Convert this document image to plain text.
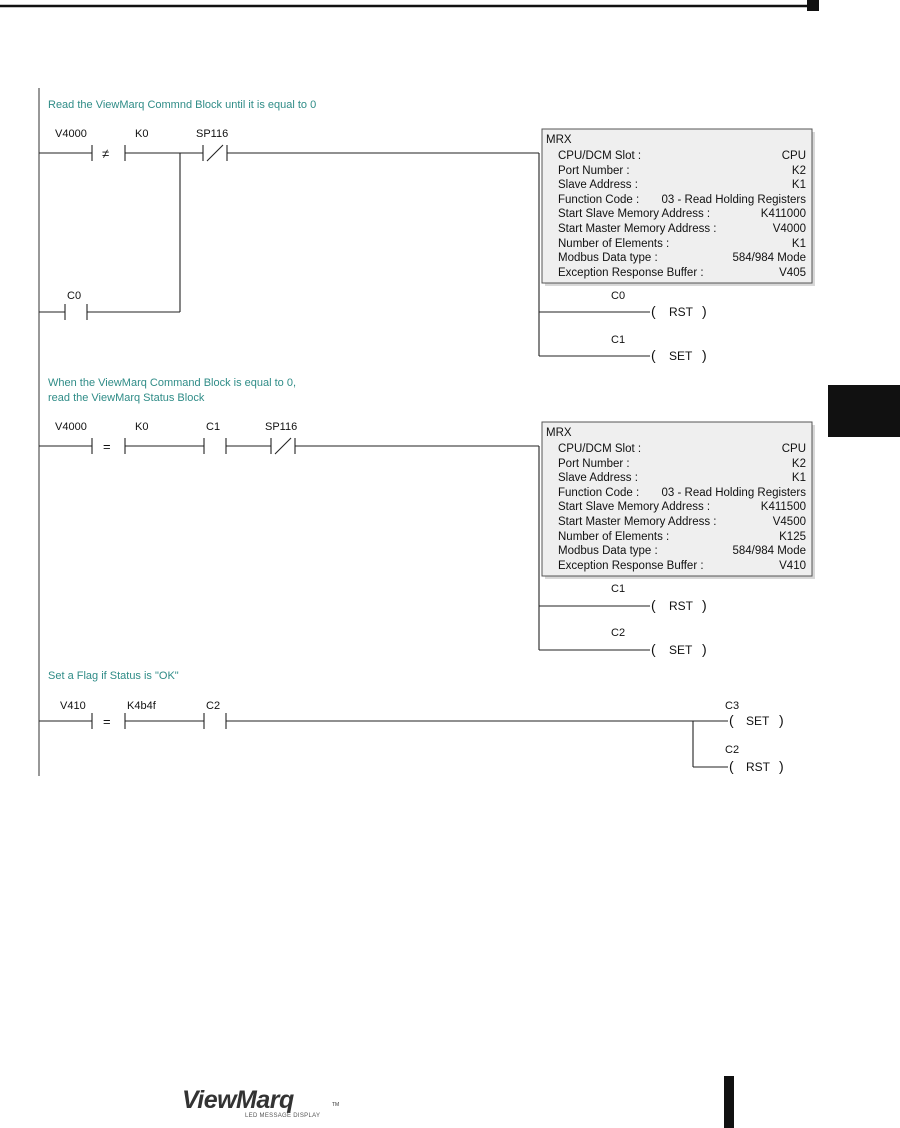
Read the ViewMarq Commnd Block until it is equal to 0
≠
V4000	K0	SP116
C0
MRX
CPU/DCM Slot :	CPU
Port Number :	K2
Slave Address :	K1
Function Code : 03 - Read Holding Registers
Start Slave Memory Address :	K411000
Start Master Memory Address :	V4000
Number of Elements :	K1
Modbus Data type :	584/984 Mode
Exception Response Buffer :	V405
( RST )
C0
( SET )
C1
When the ViewMarq Command Block is equal to 0,
read the ViewMarq Status Block
=
V4000	K0	C1	SP116	MRX
CPU/DCM Slot :	CPU
Port Number :	K2
Slave Address :	K1
Function Code : 03 - Read Holding Registers
Start Slave Memory Address :	K411500
Start Master Memory Address :	V4500
Number of Elements :	K125
Modbus Data type :	584/984 Mode
Exception Response Buffer :	V410
( RST )
C1
( SET )
C2
Set a Flag if Status is "OK"
=
V410	K4b4f	C2
( SET )
C3
( RST )
C2
ViewMarq	TM
LED MESSAGE DISPLAY
